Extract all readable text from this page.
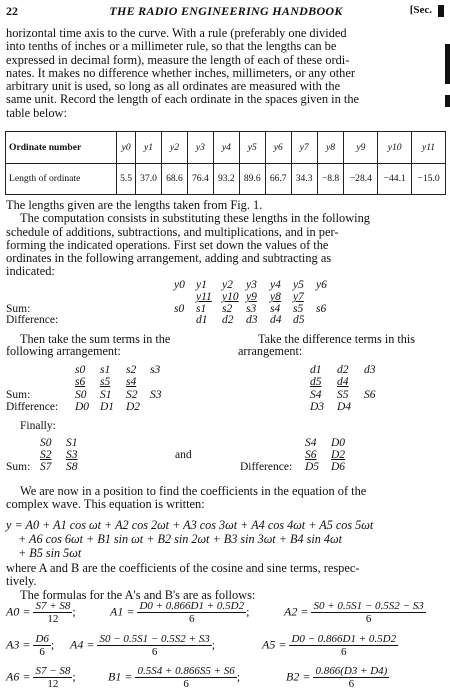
22	THE RADIO ENGINEERING HANDBOOK	[Sec.
horizontal time axis to the curve. With a rule (preferably one divided
into tenths of inches or a millimeter rule, so that the lengths can be
expressed in decimal form), measure the length of each of these ordi-
nates. It makes no difference whether inches, millimeters, or any other
arbitrary unit is used, so long as all ordinates are measured with the
same unit. Record the length of each ordinate in the spaces given in the
table below:
Ordinate number	y0	y1	y2	y3	y4	y5	y6	y7	y8	y9	y10	y11
Length of ordinate	5.5	37.0	68.6	76.4	93.2	89.6	66.7	34.3	−8.8	−28.4	−44.1	−15.0
The lengths given are the lengths taken from Fig. 1.
The computation consists in substituting these lengths in the following
schedule of additions, subtractions, and multiplications, and in per-
forming the indicated operations. First set down the values of the
ordinates in the following arrangement, adding and subtracting as
indicated:
y0 y1 y2 y3 y4 y5 y6
y11 y10 y9 y8 y7
Sum:	s0 s1 s2 s3 s4 s5 s6
Difference:	d1 d2 d3 d4 d5
Then take the sum terms in the
following arrangement:
Take the difference terms in this
arrangement:
s0 s1 s2 s3
s6 s5 s4
Sum:	S0 S1 S2 S3
Difference: D0 D1 D2
d1 d2 d3
d5 d4
S4 S5 S6
D3 D4
Finally:
S0 S1
S2 S3
Sum: S7 S8
and
S4 D0
S6 D2
Difference: D5 D6
We are now in a position to find the coefficients in the equation of the
complex wave. This equation is written:
y = A0 + A1 cos ωt + A2 cos 2ωt + A3 cos 3ωt + A4 cos 4ωt + A5 cos 5ωt
+ A6 cos 6ωt + B1 sin ωt + B2 sin 2ωt + B3 sin 3ωt + B4 sin 4ωt
+ B5 sin 5ωt
where A and B are the coefficients of the cosine and sine terms, respec-
tively.
The formulas for the A's and B's are as follows:
$A0 = \frac{S7 + S8}{12}$ ;	$A1 = \frac{D0 + 0.866D1 + 0.5D2}{6}$ ;	$A2 = \frac{S0 + 0.5S1 - 0.5S2 - S3}{6}$
$A3 = \frac{D6}{6}$ ; $A4 = \frac{S0 - 0.5S1 - 0.5S2 + S3}{6}$ ;	$A5 = \frac{D0 - 0.866D1 + 0.5D2}{6}$
$A6 = \frac{S7 - S8}{12}$ ;	$B1 = \frac{0.5S4 + 0.866S5 + S6}{6}$ ;	$B2 = \frac{0.866(D3 + D4)}{6}$
